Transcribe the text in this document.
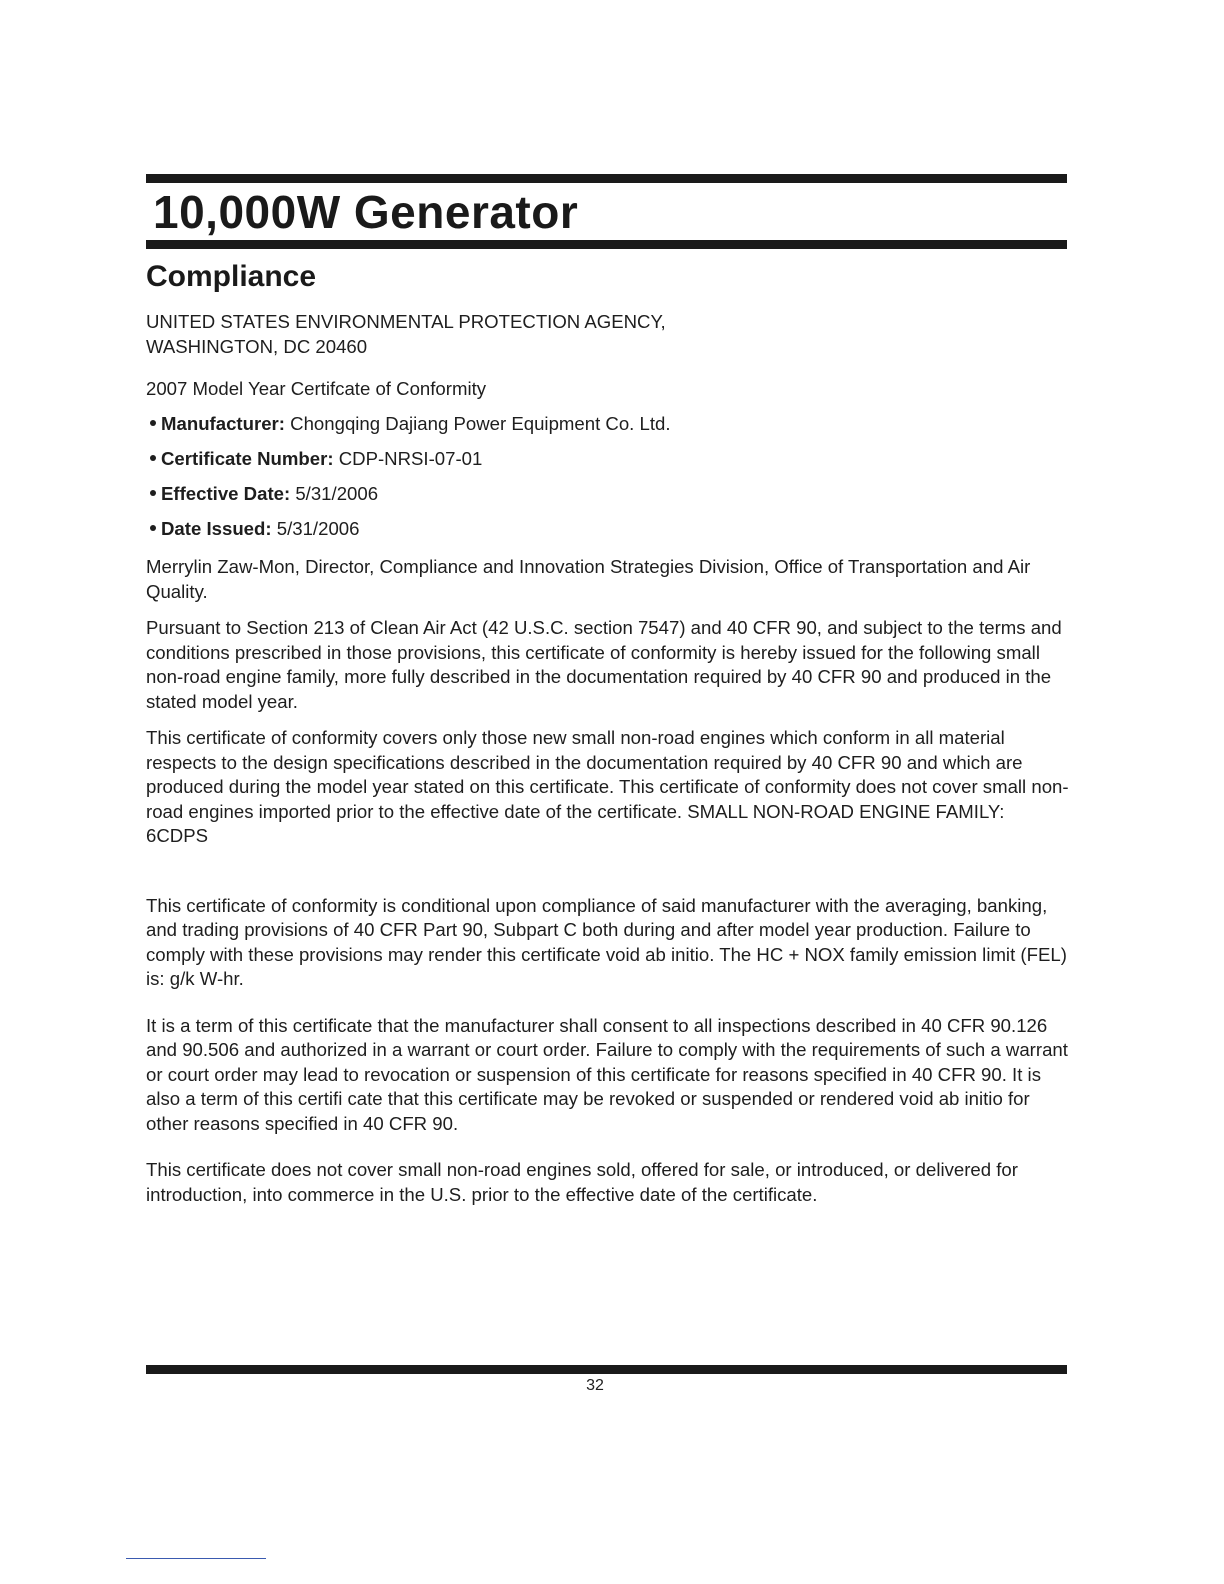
10,000W Generator
Compliance

UNITED STATES ENVIRONMENTAL PROTECTION AGENCY,
WASHINGTON, DC 20460

2007 Model Year Certifcate of Conformity

Manufacturer: Chongqing Dajiang Power Equipment Co. Ltd.
Certificate Number: CDP-NRSI-07-01
Effective Date: 5/31/2006
Date Issued: 5/31/2006

Merrylin Zaw-Mon, Director, Compliance and Innovation Strategies Division, Office of Transportation and Air Quality.

Pursuant to Section 213 of Clean Air Act (42 U.S.C. section 7547) and 40 CFR 90, and subject to the terms and conditions prescribed in those provisions, this certificate of conformity is hereby issued for the following small non-road engine family, more fully described in the documentation required by 40 CFR 90 and produced in the stated model year.

This certificate of conformity covers only those new small non-road engines which conform in all material respects to the design specifications described in the documentation required by 40 CFR 90 and which are produced during the model year stated on this certificate. This certificate of conformity does not cover small non-road engines imported prior to the effective date of the certificate. SMALL NON-ROAD ENGINE FAMILY: 6CDPS

This certificate of conformity is conditional upon compliance of said manufacturer with the averaging, banking, and trading provisions of 40 CFR Part 90, Subpart C both during and after model year production. Failure to comply with these provisions may render this certificate void ab initio. The HC + NOX family emission limit (FEL) is: g/k W-hr.

It is a term of this certificate that the manufacturer shall consent to all inspections described in 40 CFR 90.126 and 90.506 and authorized in a warrant or court order. Failure to comply with the requirements of such a warrant or court order may lead to revocation or suspension of this certificate for reasons specified in 40 CFR 90. It is also a term of this certifi cate that this certificate may be revoked or suspended or rendered void ab initio for other reasons specified in 40 CFR 90.

This certificate does not cover small non-road engines sold, offered for sale, or introduced, or delivered for introduction, into commerce in the U.S. prior to the effective date of the certificate.

32
